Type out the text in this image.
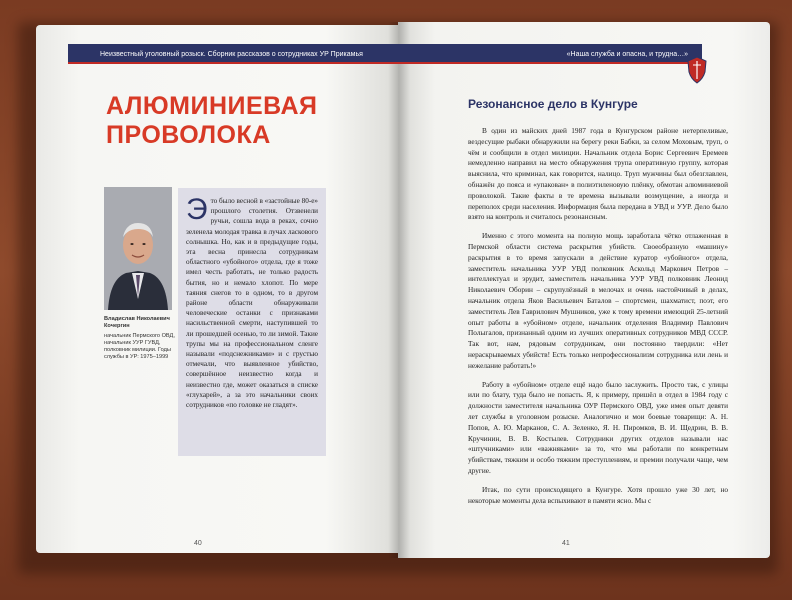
Неизвестный уголовный розыск. Сборник рассказов о сотрудниках УР Прикамья	«Наша служба и опасна, и трудна…»
АЛЮМИНИЕВАЯ
ПРОВОЛОКА
Владислав Николаевич Кочергин
начальник Пермского ОВД, начальник УУР ГУВД, полковник милиции. Годы службы в УР: 1975–1999
Э то было весной в «застойные 80-е» прошлого столетия. Отзвенели ручьи, сошла вода в реках, сочно зеленела молодая травка в лучах ласкового солнышка. Но, как и в предыдущие годы, эта весна принесла сотрудникам областного «убойного» отдела, где я тоже имел честь работать, не только радость бытия, но и немало хлопот. По мере таяния снегов то в одном, то в другом районе области обнаруживали человеческие останки с признаками насильственной смерти, наступившей то ли прошедшей осенью, то ли зимой. Такие трупы мы на профессиональном сленге называли «подснежниками» и с грустью отмечали, что выявленное убийство, совершённое неизвестно когда и неизвестно где, может оказаться в списке «глухарей», а за это начальники своих сотрудников «по головке не гладят».
40
Резонансное дело в Кунгуре

В один из майских дней 1987 года в Кунгурском районе нетерпеливые, вездесущие рыбаки обнаружили на берегу реки Бабки, за селом Моховым, труп, о чём и сообщили в отдел милиции. Начальник отдела Борис Сергеевич Еремеев немедленно направил на место обнаружения трупа оперативную группу, которая выяснила, что криминал, как говорится, налицо. Труп мужчины был обезглавлен, обнажён до пояса и «упакован» в полиэтиленовую плёнку, обмотан алюминиевой проволокой. Такие факты в те времена вызывали возмущение, а иногда и переполох среди населения. Информация была передана в УВД и УУР. Дело было взято на контроль и считалось резонансным.

Именно с этого момента на полную мощь заработала чётко отлаженная в Пермской области система раскрытия убийств. Своеобразную «машину» раскрытия в то время запускали в действие куратор «убойного» отдела, заместитель начальника УУР УВД полковник Аскольд Маркович Петров – интеллектуал и эрудит, заместитель начальника УУР УВД полковник Леонид Николаевич Оборин – скрупулёзный в мелочах и очень настойчивый в делах, начальник отдела Яков Васильевич Баталов – спортсмен, шахматист, поэт, его заместитель Лев Гаврилович Мушников, уже к тому времени имеющий 25-летний опыт работы в «убойном» отделе, начальник отделения Владимир Павлович Полыгалов, признанный одним из лучших оперативных сотрудников МВД СССР. Так вот, нам, рядовым сотрудникам, они постоянно твердили: «Нет нераскрываемых убийств! Есть только непрофессионализм сотрудника или лень и нежелание работать!»

Работу в «убойном» отделе ещё надо было заслужить. Просто так, с улицы или по блату, туда было не попасть. Я, к примеру, пришёл в отдел в 1984 году с должности заместителя начальника ОУР Пермского ОВД, уже имея опыт девяти лет службы в уголовном розыске. Аналогично и мои боевые товарищи: А. Н. Попов, А. Ю. Марканов, С. А. Зеленко, Я. Н. Пиромков, В. И. Щедрин, В. В. Кручинин, В. В. Костылев. Сотрудники других отделов называли нас «штучниками» или «важняками» за то, что мы работали по конкретным убийствам, тяжким и особо тяжким преступлениям, и премии получали чаще, чем другие.

Итак, по сути происходящего в Кунгуре. Хотя прошло уже 30 лет, но некоторые моменты дела вспыхивают в памяти ясно. Мы с

41
